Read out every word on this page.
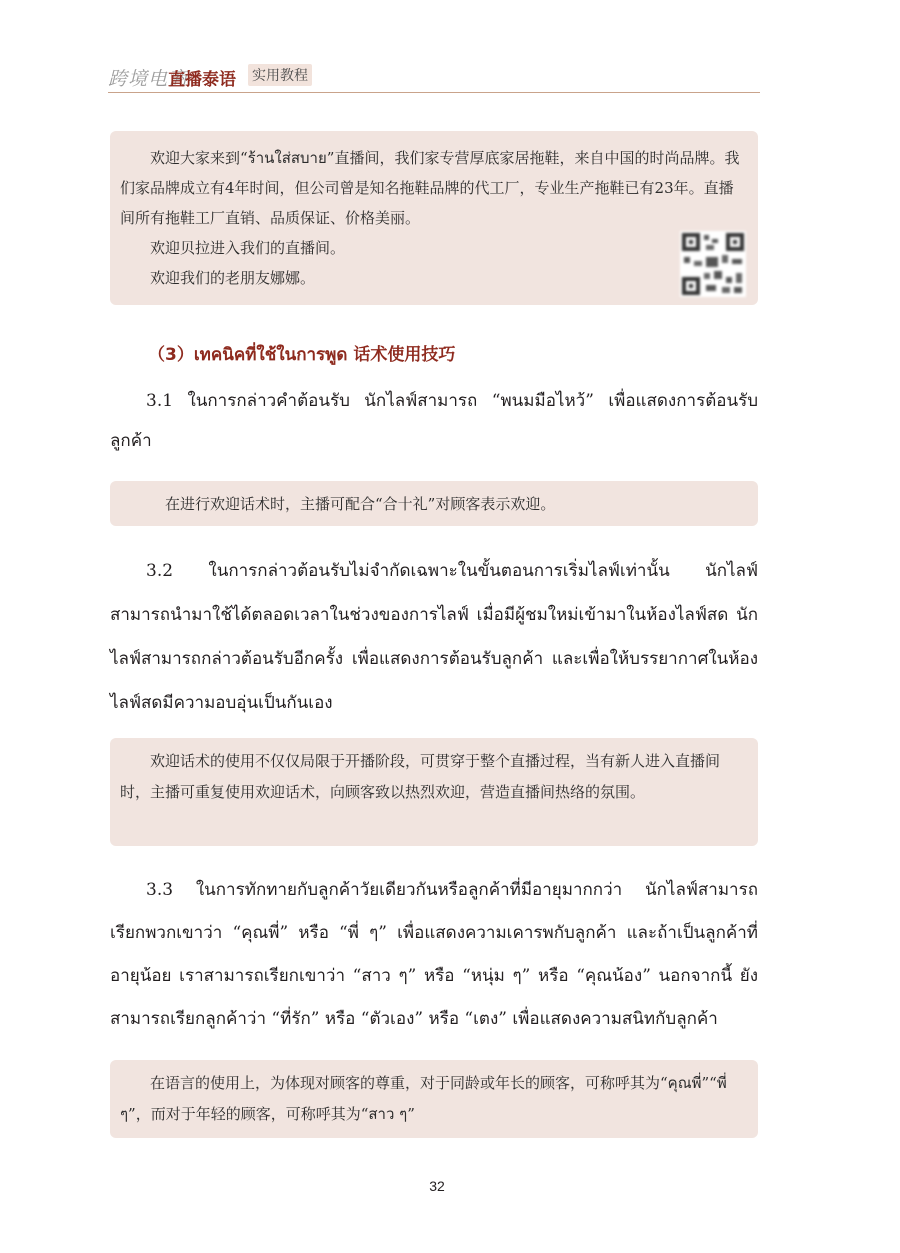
跨境电商
直播泰语 实用教程

欢迎大家来到“ร้านใส่สบาย”直播间，我们家专营厚底家居拖鞋，来自中国的时尚品牌。我们家品牌成立有4年时间，但公司曾是知名拖鞋品牌的代工厂，专业生产拖鞋已有23年。直播间所有拖鞋工厂直销、品质保证、价格美丽。

欢迎贝拉进入我们的直播间。

欢迎我们的老朋友娜娜。

（3）เทคนิคที่ใช้ในการพูด 话术使用技巧

3.1 ในการกล่าวคำต้อนรับ นักไลฟ์สามารถ “พนมมือไหว้” เพื่อแสดงการต้อนรับลูกค้า

在进行欢迎话术时，主播可配合“合十礼”对顾客表示欢迎。

3.2 ในการกล่าวต้อนรับไม่จำกัดเฉพาะในขั้นตอนการเริ่มไลฟ์เท่านั้น นักไลฟ์สามารถนำมาใช้ได้ตลอดเวลาในช่วงของการไลฟ์ เมื่อมีผู้ชมใหม่เข้ามาในห้องไลฟ์สด นักไลฟ์สามารถกล่าวต้อนรับอีกครั้ง เพื่อแสดงการต้อนรับลูกค้า และเพื่อให้บรรยากาศในห้องไลฟ์สดมีความอบอุ่นเป็นกันเอง

欢迎话术的使用不仅仅局限于开播阶段，可贯穿于整个直播过程，当有新人进入直播间时，主播可重复使用欢迎话术，向顾客致以热烈欢迎，营造直播间热络的氛围。

3.3 ในการทักทายกับลูกค้าวัยเดียวกันหรือลูกค้าที่มีอายุมากกว่า นักไลฟ์สามารถเรียกพวกเขาว่า “คุณพี่” หรือ “พี่ ๆ” เพื่อแสดงความเคารพกับลูกค้า และถ้าเป็นลูกค้าที่อายุน้อย เราสามารถเรียกเขาว่า “สาว ๆ” หรือ “หนุ่ม ๆ” หรือ “คุณน้อง” นอกจากนี้ ยังสามารถเรียกลูกค้าว่า “ที่รัก” หรือ “ตัวเอง” หรือ “เตง” เพื่อแสดงความสนิทกับลูกค้า

在语言的使用上，为体现对顾客的尊重，对于同龄或年长的顾客，可称呼其为“คุณพี่”“พี่ ๆ”，而对于年轻的顾客，可称呼其为“สาว ๆ”

32
